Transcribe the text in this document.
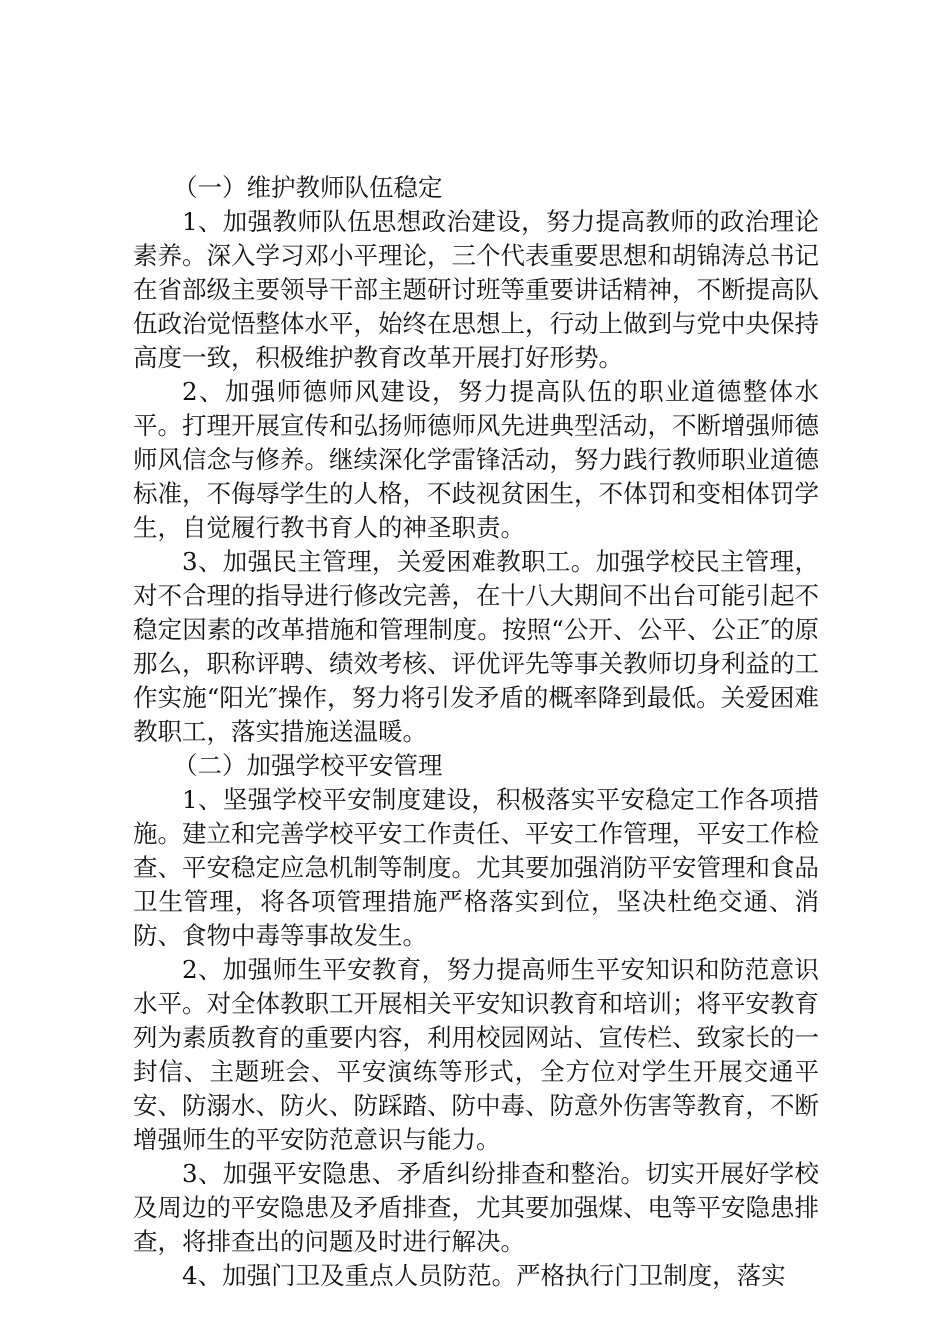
（一）维护教师队伍稳定

1、加强教师队伍思想政治建设，努力提高教师的政治理论素养。深入学习邓小平理论，三个代表重要思想和胡锦涛总书记在省部级主要领导干部主题研讨班等重要讲话精神，不断提高队伍政治觉悟整体水平，始终在思想上，行动上做到与党中央保持高度一致，积极维护教育改革开展打好形势。

2、加强师德师风建设，努力提高队伍的职业道德整体水平。打理开展宣传和弘扬师德师风先进典型活动，不断增强师德师风信念与修养。继续深化学雷锋活动，努力践行教师职业道德标准，不侮辱学生的人格，不歧视贫困生，不体罚和变相体罚学生，自觉履行教书育人的神圣职责。

3、加强民主管理，关爱困难教职工。加强学校民主管理，对不合理的指导进行修改完善，在十八大期间不出台可能引起不稳定因素的改革措施和管理制度。按照“公开、公平、公正″的原那么，职称评聘、绩效考核、评优评先等事关教师切身利益的工作实施“阳光″操作，努力将引发矛盾的概率降到最低。关爱困难教职工，落实措施送温暖。

（二）加强学校平安管理

1、坚强学校平安制度建设，积极落实平安稳定工作各项措施。建立和完善学校平安工作责任、平安工作管理，平安工作检查、平安稳定应急机制等制度。尤其要加强消防平安管理和食品卫生管理，将各项管理措施严格落实到位，坚决杜绝交通、消防、食物中毒等事故发生。

2、加强师生平安教育，努力提高师生平安知识和防范意识水平。对全体教职工开展相关平安知识教育和培训；将平安教育列为素质教育的重要内容，利用校园网站、宣传栏、致家长的一封信、主题班会、平安演练等形式，全方位对学生开展交通平安、防溺水、防火、防踩踏、防中毒、防意外伤害等教育，不断增强师生的平安防范意识与能力。

3、加强平安隐患、矛盾纠纷排查和整治。切实开展好学校及周边的平安隐患及矛盾排查，尤其要加强煤、电等平安隐患排查，将排查出的问题及时进行解决。

4、加强门卫及重点人员防范。严格执行门卫制度，落实
